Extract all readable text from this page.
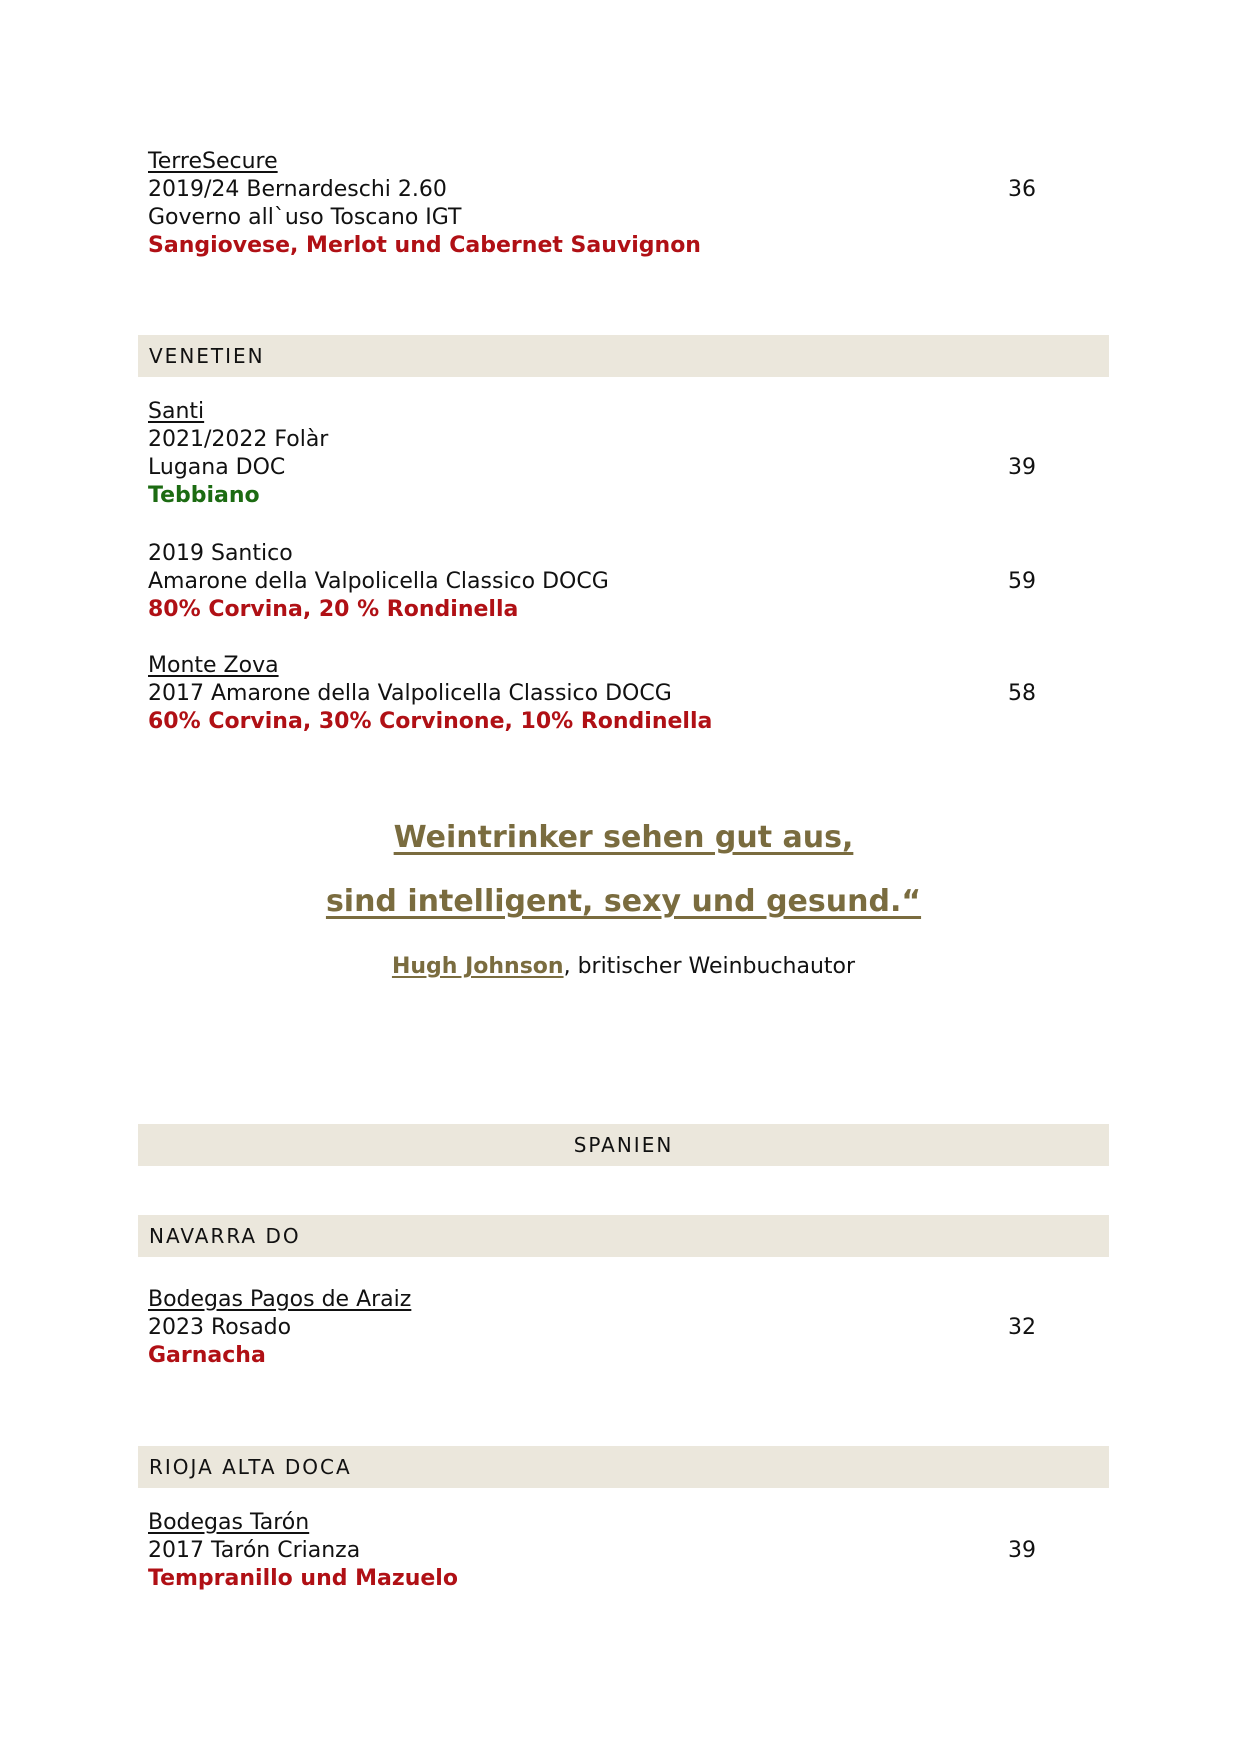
TerreSecure
2019/24 Bernardeschi 2.60
Governo all`uso Toscano IGT
Sangiovese, Merlot und Cabernet Sauvignon
36
VENETIEN
Santi
2021/2022 Folàr
Lugana DOC
Tebbiano
39
2019 Santico
Amarone della Valpolicella Classico DOCG
80% Corvina, 20 % Rondinella
59
Monte Zova
2017 Amarone della Valpolicella Classico DOCG
60% Corvina, 30% Corvinone, 10% Rondinella
58
Weintrinker sehen gut aus,
sind intelligent, sexy und gesund.“
Hugh Johnson, britischer Weinbuchautor
SPANIEN
NAVARRA DO
Bodegas Pagos de Araiz
2023 Rosado
Garnacha
32
RIOJA ALTA DOCA
Bodegas Tarón
2017 Tarón Crianza
Tempranillo und Mazuelo
39
